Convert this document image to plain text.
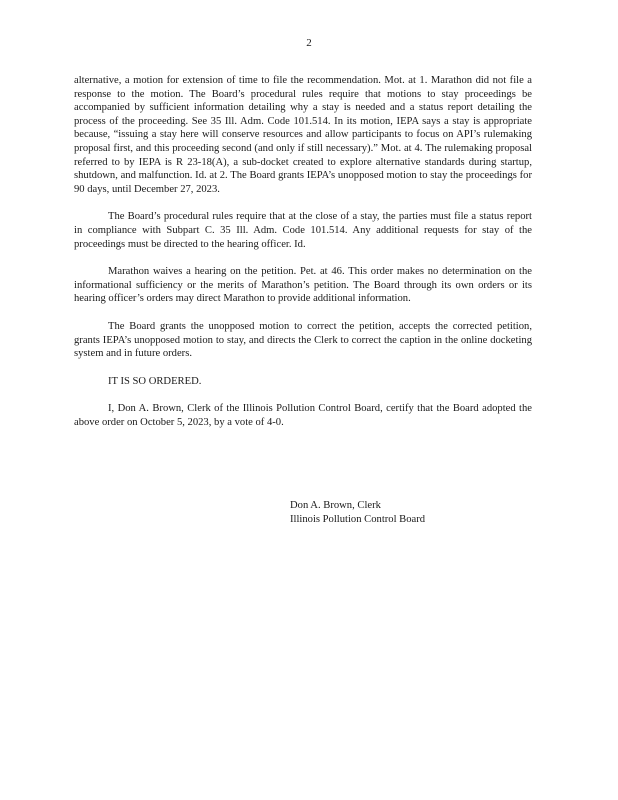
2

alternative, a motion for extension of time to file the recommendation. Mot. at 1. Marathon did not file a response to the motion. The Board’s procedural rules require that motions to stay proceedings be accompanied by sufficient information detailing why a stay is needed and a status report detailing the process of the proceeding. See 35 Ill. Adm. Code 101.514. In its motion, IEPA says a stay is appropriate because, “issuing a stay here will conserve resources and allow participants to focus on API’s rulemaking proposal first, and this proceeding second (and only if still necessary).” Mot. at 4. The rulemaking proposal referred to by IEPA is R 23-18(A), a sub-docket created to explore alternative standards during startup, shutdown, and malfunction. Id. at 2. The Board grants IEPA’s unopposed motion to stay the proceedings for 90 days, until December 27, 2023.

The Board’s procedural rules require that at the close of a stay, the parties must file a status report in compliance with Subpart C. 35 Ill. Adm. Code 101.514. Any additional requests for stay of the proceedings must be directed to the hearing officer. Id.

Marathon waives a hearing on the petition. Pet. at 46. This order makes no determination on the informational sufficiency or the merits of Marathon’s petition. The Board through its own orders or its hearing officer’s orders may direct Marathon to provide additional information.

The Board grants the unopposed motion to correct the petition, accepts the corrected petition, grants IEPA’s unopposed motion to stay, and directs the Clerk to correct the caption in the online docketing system and in future orders.

IT IS SO ORDERED.

I, Don A. Brown, Clerk of the Illinois Pollution Control Board, certify that the Board adopted the above order on October 5, 2023, by a vote of 4-0.

Don A. Brown, Clerk
Illinois Pollution Control Board
